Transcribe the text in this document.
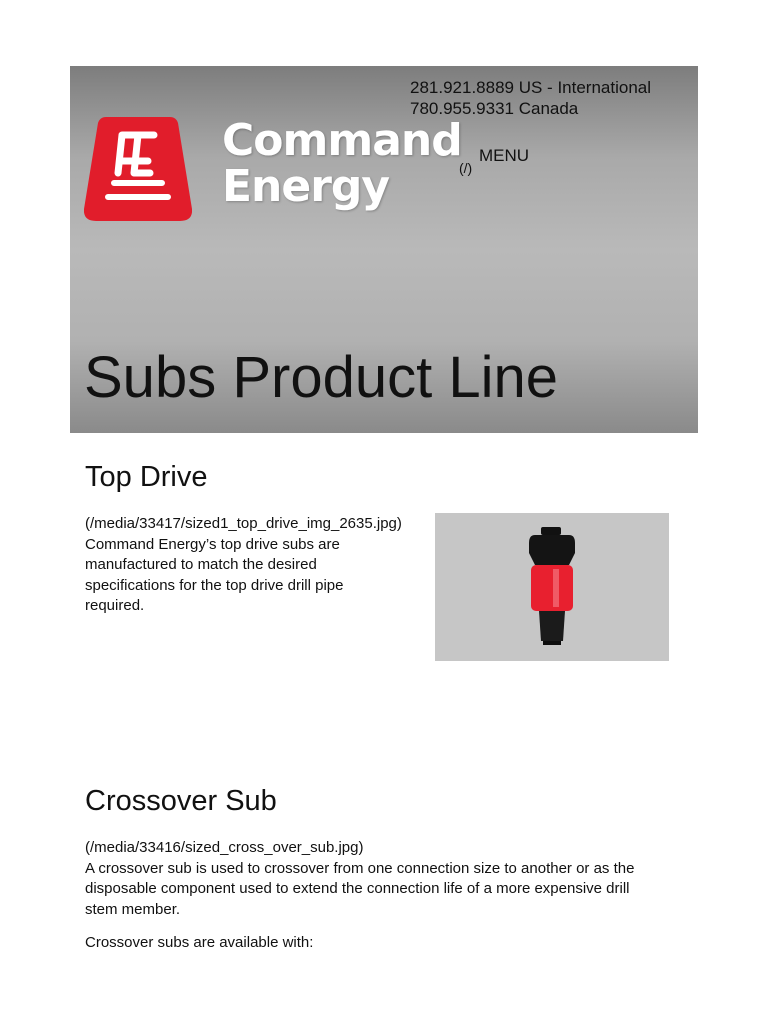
Command
Energy	(/)
MENU
281.921.8889 US - International
780.955.9331 Canada
Subs Product Line
Top Drive

(/media/33417/sized1_top_drive_img_2635.jpg)
Command Energy’s top drive subs are
manufactured to match the desired
specifications for the top drive drill pipe
required.

Crossover Sub

(/media/33416/sized_cross_over_sub.jpg)
A crossover sub is used to crossover from one connection size to another or as the
disposable component used to extend the connection life of a more expensive drill
stem member.

Crossover subs are available with:
